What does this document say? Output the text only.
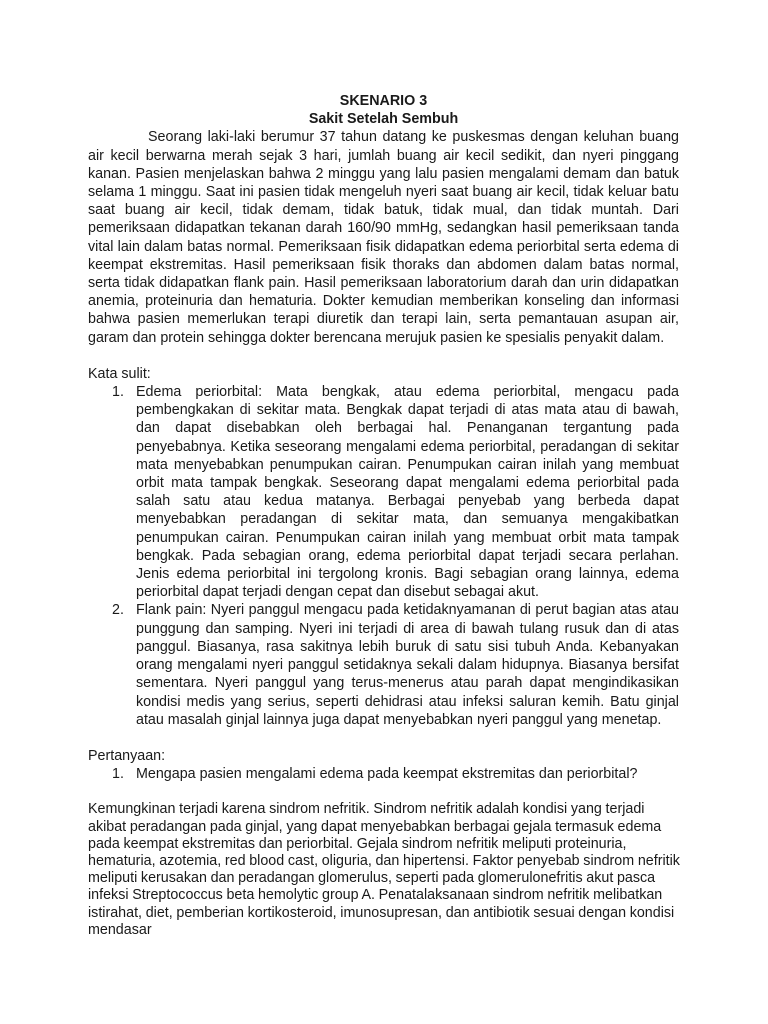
SKENARIO 3

Sakit Setelah Sembuh

Seorang laki-laki berumur 37 tahun datang ke puskesmas dengan keluhan buang air kecil berwarna merah sejak 3 hari, jumlah buang air kecil sedikit, dan nyeri pinggang kanan. Pasien menjelaskan bahwa 2 minggu yang lalu pasien mengalami demam dan batuk selama 1 minggu. Saat ini pasien tidak mengeluh nyeri saat buang air kecil, tidak keluar batu saat buang air kecil, tidak demam, tidak batuk, tidak mual, dan tidak muntah. Dari pemeriksaan didapatkan tekanan darah 160/90 mmHg, sedangkan hasil pemeriksaan tanda vital lain dalam batas normal. Pemeriksaan fisik didapatkan edema periorbital serta edema di keempat ekstremitas. Hasil pemeriksaan fisik thoraks dan abdomen dalam batas normal, serta tidak didapatkan flank pain. Hasil pemeriksaan laboratorium darah dan urin didapatkan anemia, proteinuria dan hematuria. Dokter kemudian memberikan konseling dan informasi bahwa pasien memerlukan terapi diuretik dan terapi lain, serta pemantauan asupan air, garam dan protein sehingga dokter berencana merujuk pasien ke spesialis penyakit dalam.

Kata sulit:

1. Edema periorbital: Mata bengkak, atau edema periorbital, mengacu pada pembengkakan di sekitar mata. Bengkak dapat terjadi di atas mata atau di bawah, dan dapat disebabkan oleh berbagai hal. Penanganan tergantung pada penyebabnya. Ketika seseorang mengalami edema periorbital, peradangan di sekitar mata menyebabkan penumpukan cairan. Penumpukan cairan inilah yang membuat orbit mata tampak bengkak. Seseorang dapat mengalami edema periorbital pada salah satu atau kedua matanya. Berbagai penyebab yang berbeda dapat menyebabkan peradangan di sekitar mata, dan semuanya mengakibatkan penumpukan cairan. Penumpukan cairan inilah yang membuat orbit mata tampak bengkak. Pada sebagian orang, edema periorbital dapat terjadi secara perlahan. Jenis edema periorbital ini tergolong kronis. Bagi sebagian orang lainnya, edema periorbital dapat terjadi dengan cepat dan disebut sebagai akut.
2. Flank pain: Nyeri panggul mengacu pada ketidaknyamanan di perut bagian atas atau punggung dan samping. Nyeri ini terjadi di area di bawah tulang rusuk dan di atas panggul. Biasanya, rasa sakitnya lebih buruk di satu sisi tubuh Anda. Kebanyakan orang mengalami nyeri panggul setidaknya sekali dalam hidupnya. Biasanya bersifat sementara. Nyeri panggul yang terus-menerus atau parah dapat mengindikasikan kondisi medis yang serius, seperti dehidrasi atau infeksi saluran kemih. Batu ginjal atau masalah ginjal lainnya juga dapat menyebabkan nyeri panggul yang menetap.

Pertanyaan:

1. Mengapa pasien mengalami edema pada keempat ekstremitas dan periorbital?

Kemungkinan terjadi karena sindrom nefritik. Sindrom nefritik adalah kondisi yang terjadi akibat peradangan pada ginjal, yang dapat menyebabkan berbagai gejala termasuk edema pada keempat ekstremitas dan periorbital. Gejala sindrom nefritik meliputi proteinuria, hematuria, azotemia, red blood cast, oliguria, dan hipertensi. Faktor penyebab sindrom nefritik meliputi kerusakan dan peradangan glomerulus, seperti pada glomerulonefritis akut pasca infeksi Streptococcus beta hemolytic group A. Penatalaksanaan sindrom nefritik melibatkan istirahat, diet, pemberian kortikosteroid, imunosupresan, dan antibiotik sesuai dengan kondisi mendasar
